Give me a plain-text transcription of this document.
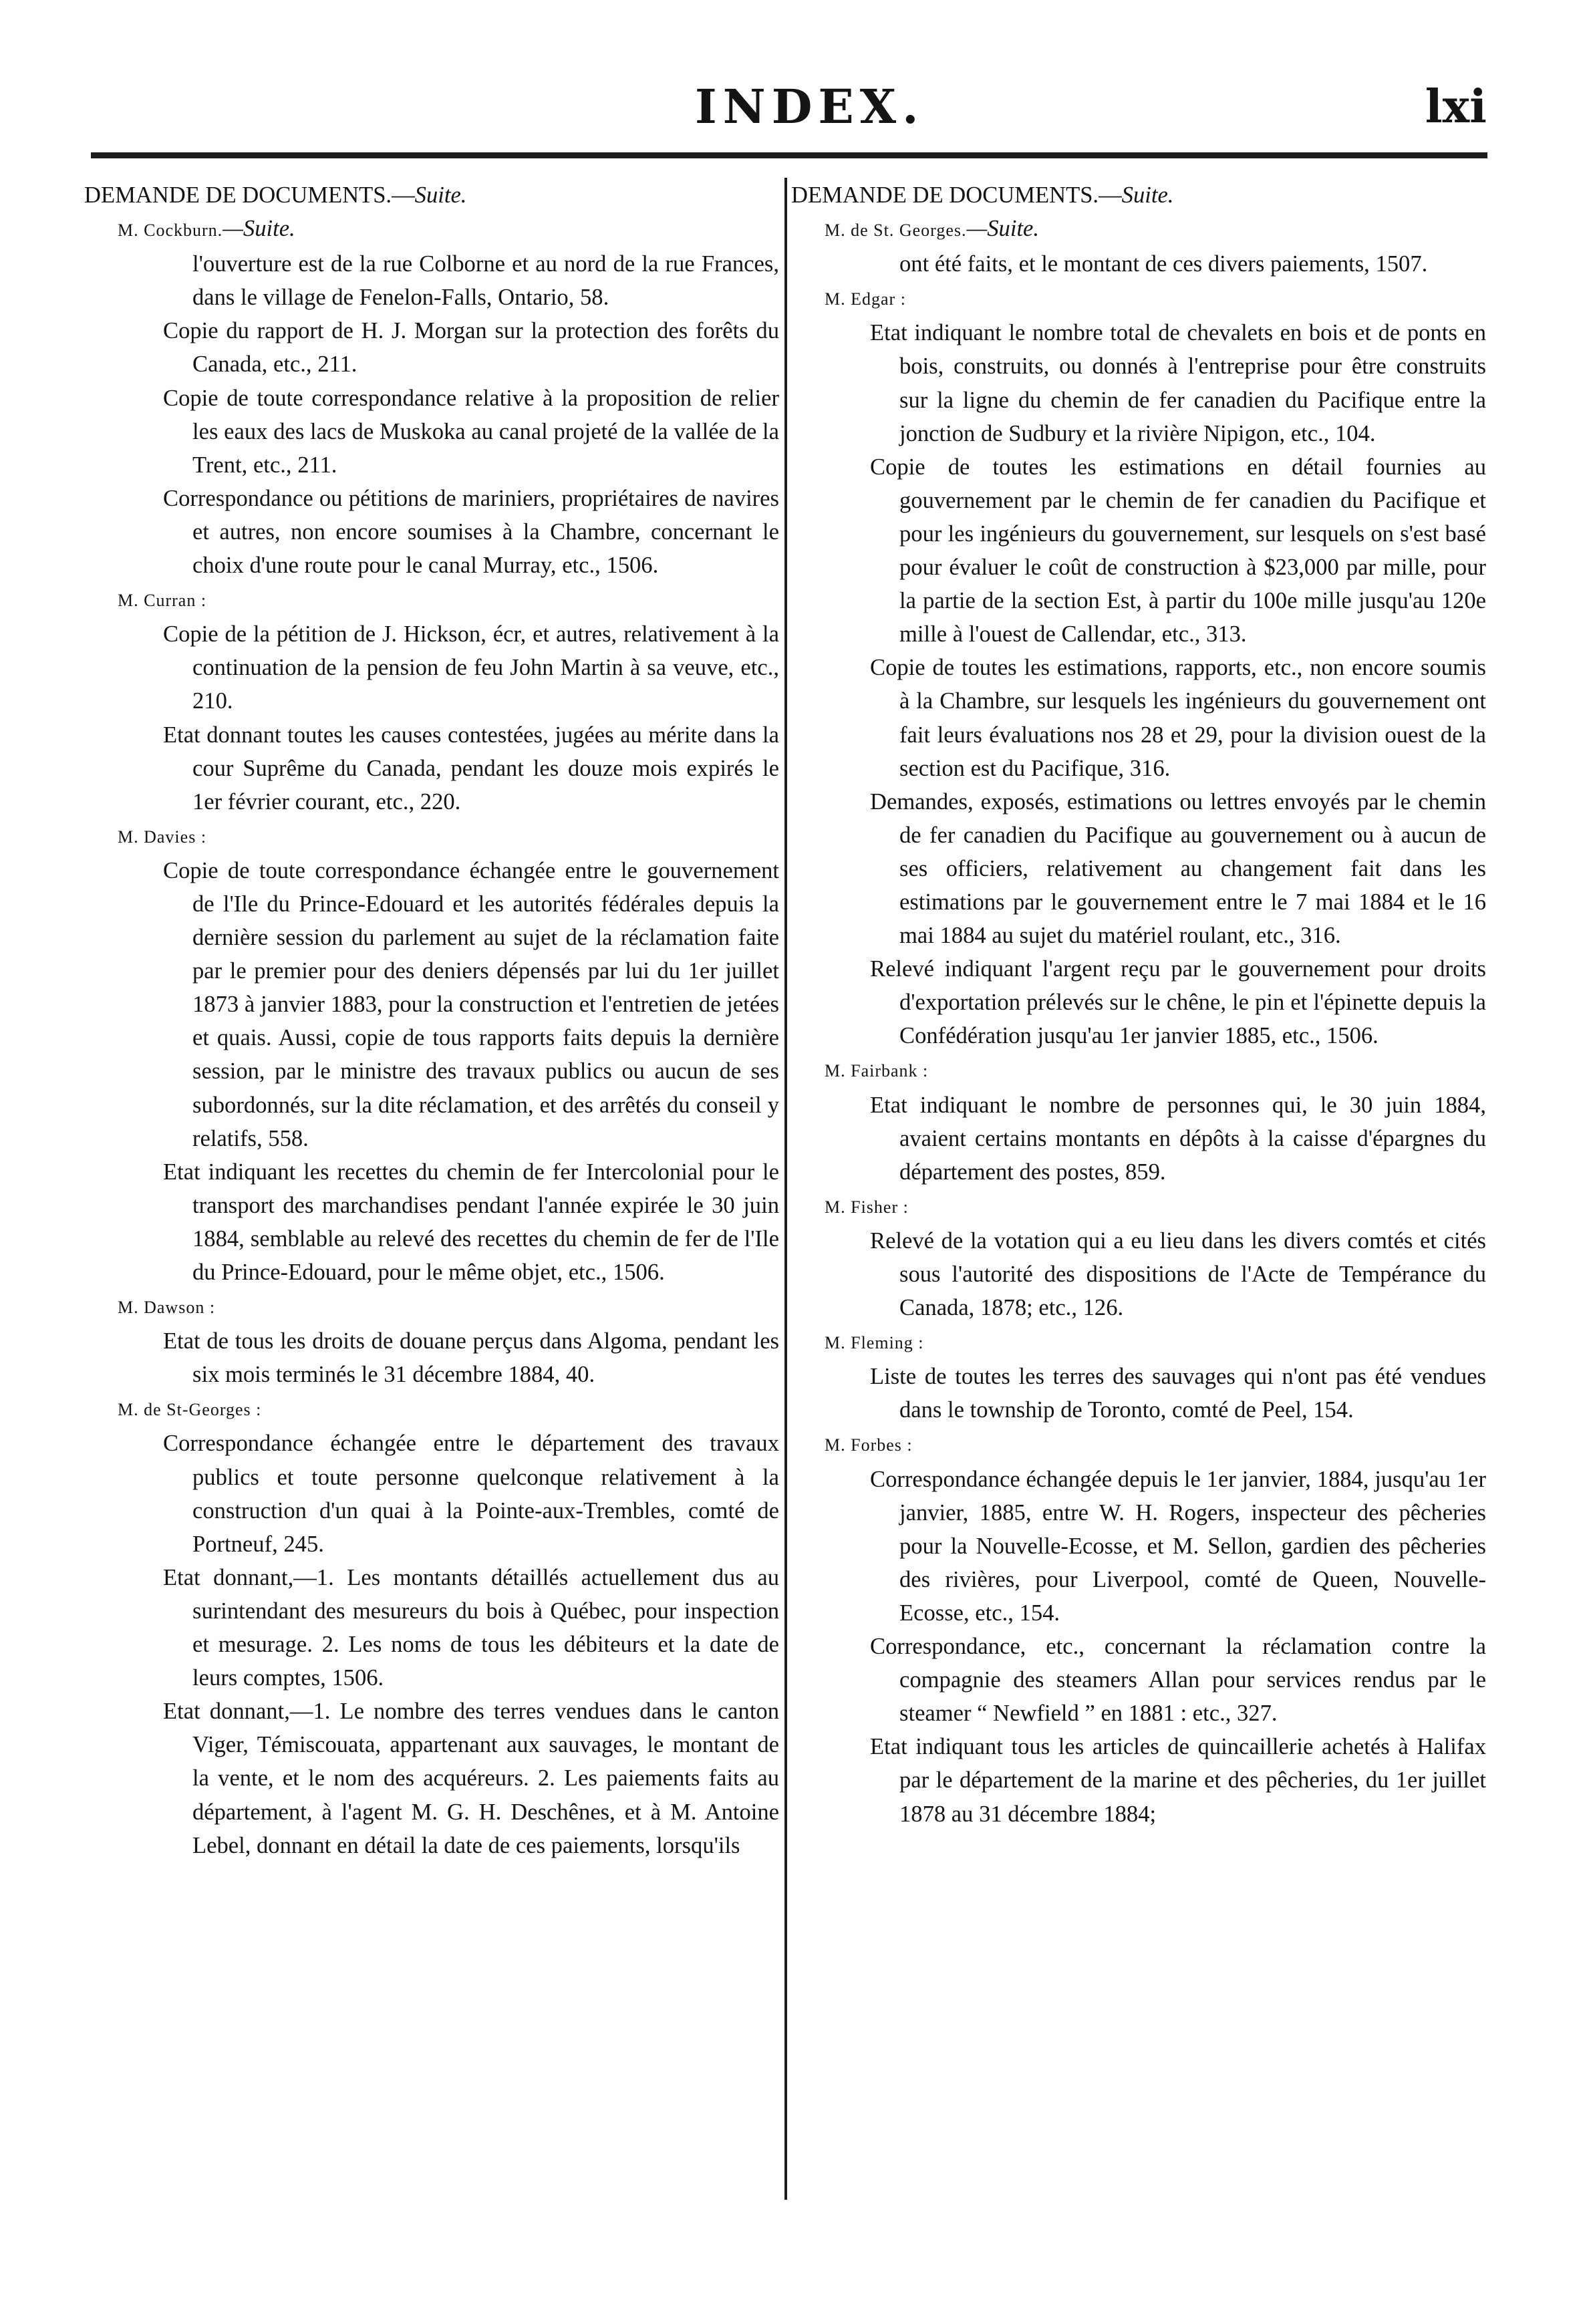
INDEX.	lxi
DEMANDE DE DOCUMENTS.—Suite.
M. Cockburn.—Suite.
l'ouverture est de la rue Colborne et au nord de la rue Frances, dans le village de Fenelon-Falls, Ontario, 58.
Copie du rapport de H. J. Morgan sur la protection des forêts du Canada, etc., 211.
Copie de toute correspondance relative à la proposition de relier les eaux des lacs de Muskoka au canal projeté de la vallée de la Trent, etc., 211.
Correspondance ou pétitions de mariniers, propriétaires de navires et autres, non encore soumises à la Chambre, concernant le choix d'une route pour le canal Murray, etc., 1506.
M. Curran :
Copie de la pétition de J. Hickson, écr, et autres, relativement à la continuation de la pension de feu John Martin à sa veuve, etc., 210.
Etat donnant toutes les causes contestées, jugées au mérite dans la cour Suprême du Canada, pendant les douze mois expirés le 1er février courant, etc., 220.
M. Davies :
Copie de toute correspondance échangée entre le gouvernement de l'Ile du Prince-Edouard et les autorités fédérales depuis la dernière session du parlement au sujet de la réclamation faite par le premier pour des deniers dépensés par lui du 1er juillet 1873 à janvier 1883, pour la construction et l'entretien de jetées et quais. Aussi, copie de tous rapports faits depuis la dernière session, par le ministre des travaux publics ou aucun de ses subordonnés, sur la dite réclamation, et des arrêtés du conseil y relatifs, 558.
Etat indiquant les recettes du chemin de fer Intercolonial pour le transport des marchandises pendant l'année expirée le 30 juin 1884, semblable au relevé des recettes du chemin de fer de l'Ile du Prince-Edouard, pour le même objet, etc., 1506.
M. Dawson :
Etat de tous les droits de douane perçus dans Algoma, pendant les six mois terminés le 31 décembre 1884, 40.
M. de St-Georges :
Correspondance échangée entre le département des travaux publics et toute personne quelconque relativement à la construction d'un quai à la Pointe-aux-Trembles, comté de Portneuf, 245.
Etat donnant,—1. Les montants détaillés actuellement dus au surintendant des mesureurs du bois à Québec, pour inspection et mesurage. 2. Les noms de tous les débiteurs et la date de leurs comptes, 1506.
Etat donnant,—1. Le nombre des terres vendues dans le canton Viger, Témiscouata, appartenant aux sauvages, le montant de la vente, et le nom des acquéreurs. 2. Les paiements faits au département, à l'agent M. G. H. Deschênes, et à M. Antoine Lebel, donnant en détail la date de ces paiements, lorsqu'ils
DEMANDE DE DOCUMENTS.—Suite.
M. de St. Georges.—Suite.
ont été faits, et le montant de ces divers paiements, 1507.
M. Edgar :
Etat indiquant le nombre total de chevalets en bois et de ponts en bois, construits, ou donnés à l'entreprise pour être construits sur la ligne du chemin de fer canadien du Pacifique entre la jonction de Sudbury et la rivière Nipigon, etc., 104.
Copie de toutes les estimations en détail fournies au gouvernement par le chemin de fer canadien du Pacifique et pour les ingénieurs du gouvernement, sur lesquels on s'est basé pour évaluer le coût de construction à $23,000 par mille, pour la partie de la section Est, à partir du 100e mille jusqu'au 120e mille à l'ouest de Callendar, etc., 313.
Copie de toutes les estimations, rapports, etc., non encore soumis à la Chambre, sur lesquels les ingénieurs du gouvernement ont fait leurs évaluations nos 28 et 29, pour la division ouest de la section est du Pacifique, 316.
Demandes, exposés, estimations ou lettres envoyés par le chemin de fer canadien du Pacifique au gouvernement ou à aucun de ses officiers, relativement au changement fait dans les estimations par le gouvernement entre le 7 mai 1884 et le 16 mai 1884 au sujet du matériel roulant, etc., 316.
Relevé indiquant l'argent reçu par le gouvernement pour droits d'exportation prélevés sur le chêne, le pin et l'épinette depuis la Confédération jusqu'au 1er janvier 1885, etc., 1506.
M. Fairbank :
Etat indiquant le nombre de personnes qui, le 30 juin 1884, avaient certains montants en dépôts à la caisse d'épargnes du département des postes, 859.
M. Fisher :
Relevé de la votation qui a eu lieu dans les divers comtés et cités sous l'autorité des dispositions de l'Acte de Tempérance du Canada, 1878; etc., 126.
M. Fleming :
Liste de toutes les terres des sauvages qui n'ont pas été vendues dans le township de Toronto, comté de Peel, 154.
M. Forbes :
Correspondance échangée depuis le 1er janvier, 1884, jusqu'au 1er janvier, 1885, entre W. H. Rogers, inspecteur des pêcheries pour la Nouvelle-Ecosse, et M. Sellon, gardien des pêcheries des rivières, pour Liverpool, comté de Queen, Nouvelle-Ecosse, etc., 154.
Correspondance, etc., concernant la réclamation contre la compagnie des steamers Allan pour services rendus par le steamer “ Newfield ” en 1881 : etc., 327.
Etat indiquant tous les articles de quincaillerie achetés à Halifax par le département de la marine et des pêcheries, du 1er juillet 1878 au 31 décembre 1884;
